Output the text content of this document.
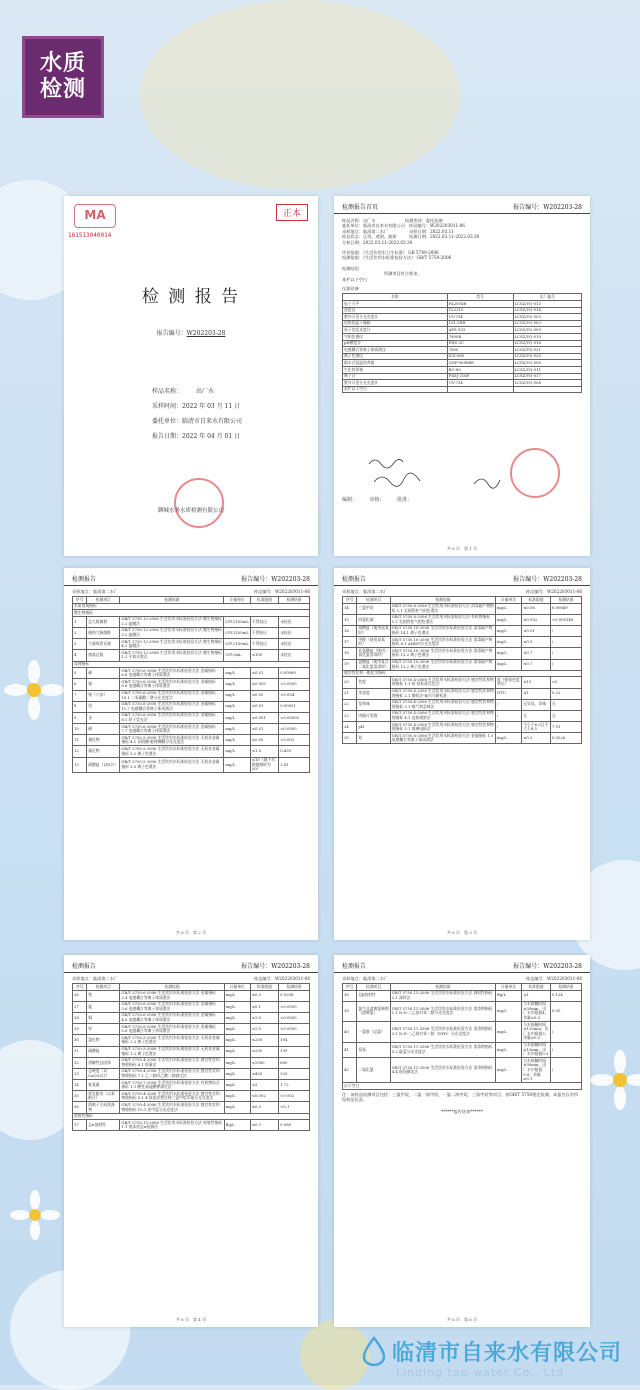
水质
检测
MA
161513040014
正本
检 测 报 告
报告编号：W202203-28
样品名称： 出厂水
采样时间：2022 年 03 月 11 日
委托单位：临清市自来水有限公司
报告日期：2022 年 04 月 01 日
聊城水务水质检测有限公司
检测报告首页	报告编号：W202203-28
样品名称：出厂水　　　　　　　检测类别：委托检测
委托单位：临清市自来水有限公司　样品编号：W202203011-06
采样地点：临清第二水厂　　　　　采样日期：2022.03.11
样品状态：正常，透明，液体　　　检测日期：2022.03.11-2022.03.30
分析日期：2022.03.11-2022.03.30
评价依据：《生活饮用水卫生标准》 GB 5749-2006
检测依据：《生活饮用水标准检验方法》 GB/T 5750-2006
检测结论：
　　　　　　　　　　所测项目符合要求。
本栏以下空白
仪器设备：
名称	型号	出厂编号
电子天平	FA2004B	LCSZ/YQ-013
浊度仪	TL2310	LCSZ/YQ-014
紫外可见分光光度计	UV-754	LCSZ/YQ-003
电热恒温干燥箱	101-2EB	LCSZ/YQ-002
原子荧光光度计	AFS-933	LCSZ/YQ-009
气相色谱仪	7890B	LCSZ/YQ-010
pH酸度计	PHS-3C	LCSZ/YQ-016
电感耦合等离子体质谱仪	7800	LCSZ/YQ-021
离子色谱仪	ICS-600	LCSZ/YQ-020
隔水式恒温培养箱	GNP-9080BE	LCSZ/YQ-008
生化培养箱	BG-80	LCSZ/YQ-011
离子计	PXSJ-216F	LCSZ/YQ-017
紫外可见分光光度计	UV-754	LCSZ/YQ-004
本栏以下空白		
编制：　　　审核：　　　批准：
共 6 页　第 1 页
检测报告	报告编号：W202203-28
采样地点：临清第二水厂	样品编号：W202203011-06
序号	检测项目	检测依据	计量单位	标准限值	检测结果
水质常规指标					
微生物指标					
1	总大肠菌群	GB/T 5750.12-2006 生活饮用水标准检验方法 微生物指标 2.2 滤膜法	CFU/100mL	不得检出	未检出
2	耐热大肠菌群	GB/T 5750.12-2006 生活饮用水标准检验方法 微生物指标 3.2 滤膜法	CFU/100mL	不得检出	未检出
3	大肠埃希氏菌	GB/T 5750.12-2006 生活饮用水标准检验方法 微生物指标 4.2 滤膜法	CFU/100mL	不得检出	未检出
4	菌落总数	GB/T 5750.12-2006 生活饮用水标准检验方法 微生物指标 1.1 平皿计数法	CFU/mL	≤100	未检出
毒理指标					
5	砷	GB/T 5750.6-2006 生活饮用水标准检验方法 金属指标 6.6 电感耦合等离子体质谱法	mg/L	≤0.01	0.00080
6	镉	GB/T 5750.6-2006 生活饮用水标准检验方法 金属指标 9.8 电感耦合等离子体质谱法	mg/L	≤0.005	<0.0005
7	铬（六价）	GB/T 5750.6-2006 生活饮用水标准检验方法 金属指标 10.1 二苯碳酰二肼分光光度法	mg/L	≤0.05	<0.004
8	铅	GB/T 5750.6-2006 生活饮用水标准检验方法 金属指标 11.7 电感耦合等离子体质谱法	mg/L	≤0.01	0.00051
9	汞	GB/T 5750.6-2006 生活饮用水标准检验方法 金属指标 8.1 原子荧光法	mg/L	≤0.001	<0.00005
10	硒	GB/T 5750.6-2006 生活饮用水标准检验方法 金属指标 7.7 电感耦合等离子体质谱法	mg/L	≤0.01	<0.0005
11	氰化物	GB/T 5750.5-2006 生活饮用水标准检验方法 无机非金属指标 4.1 异烟酸-吡唑啉酮分光光度法	mg/L	≤0.05	<0.002
12	氟化物	GB/T 5750.5-2006 生活饮用水标准检验方法 无机非金属指标 3.2 离子色谱法	mg/L	≤1.0	0.439
13	硝酸盐（以N计）	GB/T 5750.5-2006 生活饮用水标准检验方法 无机非金属指标 5.3 离子色谱法	mg/L	≤10（地下水源限制时为20）	2.81
共 6 页　第 2 页
检测报告	报告编号：W202203-28
采样地点：临清第二水厂	样品编号：W202203011-06
序号	检测项目	检测依据	计量单位	标准限值	检测结果
14	三氯甲烷	GB/T 5750.8-2006 生活饮用水标准检验方法 消毒副产物指标 1.1 毛细管柱气相色谱法	mg/L	≤0.06	0.00649
15	四氯化碳	GB/T 5750.8-2006 生活饮用水标准检验方法 有机物指标 1.2 毛细管柱气相色谱法	mg/L	≤0.002	<0.000148
16	溴酸盐（使用臭氧时）	GB/T 5750.10-2006 生活饮用水标准检验方法 消毒副产物指标 14.1 离子色谱法	mg/L	≤0.01	/
17	甲醛（使用臭氧时）	GB/T 5750.10-2006 生活饮用水标准检验方法 消毒副产物指标 6.1 AHMT分光光度法	mg/L	≤0.9	/
18	亚氯酸盐（使用二氧化氯消毒时）	GB/T 5750.10-2006 生活饮用水标准检验方法 消毒副产物指标 13.2 离子色谱法	mg/L	≤0.7	/
19	氯酸盐（使用复合二氧化氯消毒时）	GB/T 5750.10-2006 生活饮用水标准检验方法 消毒副产物指标 12.2 离子色谱法	mg/L	≤0.7	/
感官性状和一般化学指标					
20	色度	GB/T 5750.4-2006 生活饮用水标准检验方法 感官性状和物理指标 1.1 铂-钴标准比色法	度（铂钴色度单位）	≤15	<5
21	浑浊度	GB/T 5750.4-2006 生活饮用水标准检验方法 感官性状和物理指标 2.1 散射法-福尔马肼标准	NTU	≤1	0.22
22	臭和味	GB/T 5750.4-2006 生活饮用水标准检验方法 感官性状和物理指标 3.1 嗅气和尝味法	/	无异臭、异味	无
23	肉眼可见物	GB/T 5750.4-2006 生活饮用水标准检验方法 感官性状和物理指标 4.1 直接观察法	/	无	无
24	pH	GB/T 5750.4-2006 生活饮用水标准检验方法 感官性状和物理指标 5.1 玻璃电极法	/	不小于6.5且不大于8.5	7.91
25	铝	GB/T 5750.6-2006 生活饮用水标准检验方法 金属指标 1.5 电感耦合等离子体质谱法	mg/L	≤0.2	0.0526
共 6 页　第 3 页
检测报告	报告编号：W202203-28
采样地点：临清第二水厂	样品编号：W202203011-06
序号	检测项目	检测依据	计量单位	标准限值	检测结果
26	铁	GB/T 5750.6-2006 生活饮用水标准检验方法 金属指标 2.4 电感耦合等离子体质谱法	mg/L	≤0.3	0.0256
27	锰	GB/T 5750.6-2006 生活饮用水标准检验方法 金属指标 3.6 电感耦合等离子体质谱法	mg/L	≤0.1	<0.0005
28	铜	GB/T 5750.6-2006 生活饮用水标准检验方法 金属指标 4.6 电感耦合等离子体质谱法	mg/L	≤1.0	<0.0005
29	锌	GB/T 5750.6-2006 生活饮用水标准检验方法 金属指标 5.6 电感耦合等离子体质谱法	mg/L	≤1.0	<0.0005
30	氯化物	GB/T 5750.5-2006 生活饮用水标准检验方法 无机非金属指标 2.2 离子色谱法	mg/L	≤250	104
31	硫酸盐	GB/T 5750.5-2006 生活饮用水标准检验方法 无机非金属指标 1.2 离子色谱法	mg/L	≤250	139
32	溶解性总固体	GB/T 5750.4-2006 生活饮用水标准检验方法 感官性状和物理指标 8.1 称量法	mg/L	≤1000	600
33	总硬度（以CaCO3计）	GB/T 5750.4-2006 生活饮用水标准检验方法 感官性状和物理指标 7.1 乙二胺四乙酸二钠滴定法	mg/L	≤450	320
34	耗氧量	GB/T 5750.7-2006 生活饮用水标准检验方法 有机物综合指标 1.1 酸性高锰酸钾滴定法	mg/L	≤3	1.72
35	挥发酚类（以苯酚计）	GB/T 5750.4-2006 生活饮用水标准检验方法 感官性状和物理指标 9.1 4-氨基安替比林三氯甲烷萃取分光光度法	mg/L	≤0.002	<0.002
36	阴离子合成洗涤剂	GB/T 5750.4-2006 生活饮用水标准检验方法 感官性状和物理指标 10.1 亚甲蓝分光光度法	mg/L	≤0.3	<0.1
放射性指标					
37	总α放射性	GB/T 5750.13-2006 生活饮用水标准检验方法 放射性指标 1.1 低本底总α检测法	Bq/L	≤0.5	0.060
共 6 页　第 4 页
检测报告	报告编号：W202203-28
采样地点：临清第二水厂	样品编号：W202203011-06
序号	检测项目	检测依据	计量单位	标准限值	检测结果
38	总β放射性	GB/T 5750.13-2006 生活饮用水标准检验方法 放射性指标 2.1 薄样法	Bq/L	≤1	0.124
39	氯气及游离氯制剂（游离氯）	GB/T 5750.11-2006 生活饮用水标准检验方法 消毒剂指标 1.1 N,N-二乙基对苯二胺分光光度法	mg/L	与水接触时间≥30min，出厂水中限值4；余量≥0.3	0.50
40	一氯胺（总氯）	GB/T 5750.11-2006 生活饮用水标准检验方法 消毒剂指标 3.1 N,N-二乙基对苯二胺（DPD）分光光度法	mg/L	与水接触时间≥120min，出厂水中限值3；余量≥0.5	/
41	臭氧	GB/T 5750.11-2006 生活饮用水标准检验方法 消毒剂指标 5.2 靛蓝分光光度法	mg/L	与水接触时间≥12min，出厂水中限值0.3	/
42	二氧化氯	GB/T 5750.11-2006 生活饮用水标准检验方法 消毒剂指标 4.4 现场测定法	mg/L	与水接触时间≥30min，出厂水中限值0.8；余量≥0.1	/
以下空白					
注：该样品检测项目包括：三氯甲烷、二氯一溴甲烷、一氯二溴甲烷、三溴甲烷等项目，按GB/T 5750规定检测，本报告仅对所检样品负责。
******报告结束******
共 6 页　第 6 页
临清市自来水有限公司
Linqing tap water Co., Ltd
